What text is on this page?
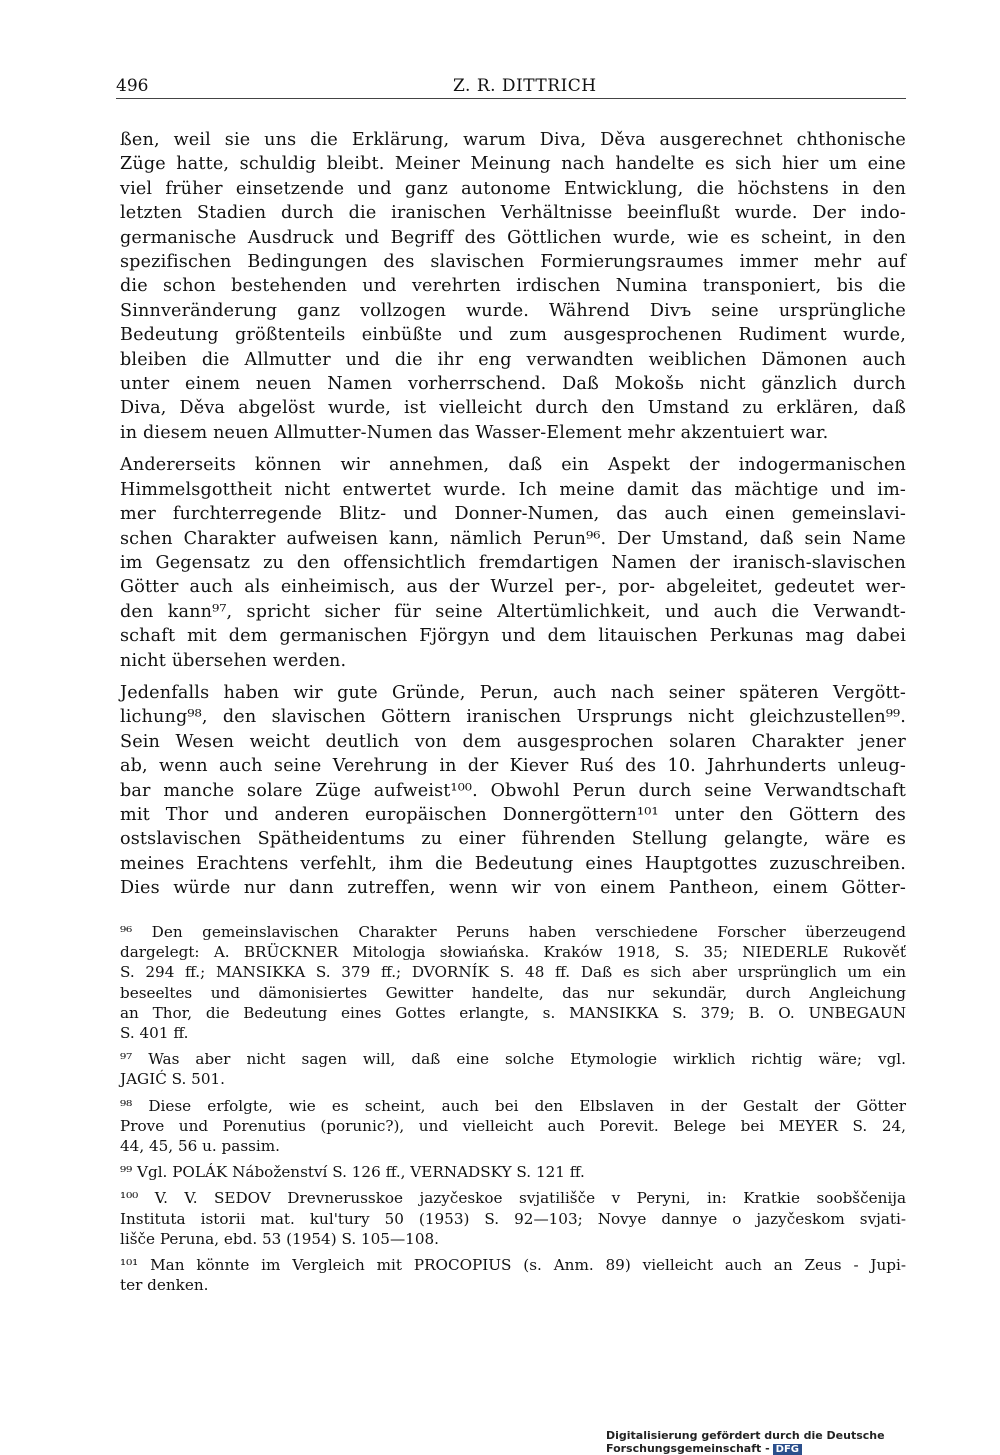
496	Z. R. DITTRICH

ßen, weil sie uns die Erklärung, warum Diva, Děva ausgerechnet chthonische
Züge hatte, schuldig bleibt. Meiner Meinung nach handelte es sich hier um eine
viel früher einsetzende und ganz autonome Entwicklung, die höchstens in den
letzten Stadien durch die iranischen Verhältnisse beeinflußt wurde. Der indo-
germanische Ausdruck und Begriff des Göttlichen wurde, wie es scheint, in den
spezifischen Bedingungen des slavischen Formierungsraumes immer mehr auf
die schon bestehenden und verehrten irdischen Numina transponiert, bis die
Sinnveränderung ganz vollzogen wurde. Während Divъ seine ursprüngliche
Bedeutung größtenteils einbüßte und zum ausgesprochenen Rudiment wurde,
bleiben die Allmutter und die ihr eng verwandten weiblichen Dämonen auch
unter einem neuen Namen vorherrschend. Daß Mokošь nicht gänzlich durch
Diva, Děva abgelöst wurde, ist vielleicht durch den Umstand zu erklären, daß
in diesem neuen Allmutter-Numen das Wasser-Element mehr akzentuiert war.

Andererseits können wir annehmen, daß ein Aspekt der indogermanischen
Himmelsgottheit nicht entwertet wurde. Ich meine damit das mächtige und im-
mer furchterregende Blitz- und Donner-Numen, das auch einen gemeinslavi-
schen Charakter aufweisen kann, nämlich Perun⁹⁶. Der Umstand, daß sein Name
im Gegensatz zu den offensichtlich fremdartigen Namen der iranisch-slavischen
Götter auch als einheimisch, aus der Wurzel per-, por- abgeleitet, gedeutet wer-
den kann⁹⁷, spricht sicher für seine Altertümlichkeit, und auch die Verwandt-
schaft mit dem germanischen Fjörgyn und dem litauischen Perkunas mag dabei
nicht übersehen werden.

Jedenfalls haben wir gute Gründe, Perun, auch nach seiner späteren Vergött-
lichung⁹⁸, den slavischen Göttern iranischen Ursprungs nicht gleichzustellen⁹⁹.
Sein Wesen weicht deutlich von dem ausgesprochen solaren Charakter jener
ab, wenn auch seine Verehrung in der Kiever Ruś des 10. Jahrhunderts unleug-
bar manche solare Züge aufweist¹⁰⁰. Obwohl Perun durch seine Verwandtschaft
mit Thor und anderen europäischen Donnergöttern¹⁰¹ unter den Göttern des
ostslavischen Spätheidentums zu einer führenden Stellung gelangte, wäre es
meines Erachtens verfehlt, ihm die Bedeutung eines Hauptgottes zuzuschreiben.
Dies würde nur dann zutreffen, wenn wir von einem Pantheon, einem Götter-

⁹⁶ Den gemeinslavischen Charakter Peruns haben verschiedene Forscher überzeugend
dargelegt: A. BRÜCKNER Mitologja słowiańska. Kraków 1918, S. 35; NIEDERLE Rukověť
S. 294 ff.; MANSIKKA S. 379 ff.; DVORNÍK S. 48 ff. Daß es sich aber ursprünglich um ein
beseeltes und dämonisiertes Gewitter handelte, das nur sekundär, durch Angleichung
an Thor, die Bedeutung eines Gottes erlangte, s. MANSIKKA S. 379; B. O. UNBEGAUN
S. 401 ff.
⁹⁷ Was aber nicht sagen will, daß eine solche Etymologie wirklich richtig wäre; vgl.
JAGIĆ S. 501.
⁹⁸ Diese erfolgte, wie es scheint, auch bei den Elbslaven in der Gestalt der Götter
Prove und Porenutius (porunic?), und vielleicht auch Porevit. Belege bei MEYER S. 24,
44, 45, 56 u. passim.
⁹⁹ Vgl. POLÁK Náboženství S. 126 ff., VERNADSKY S. 121 ff.
¹⁰⁰ V. V. SEDOV Drevnerusskoe jazyčeskoe svjatilišče v Peryni, in: Kratkie soobščenija
Instituta istorii mat. kul'tury 50 (1953) S. 92—103; Novye dannye o jazyčeskom svjati-
lišče Peruna, ebd. 53 (1954) S. 105—108.
¹⁰¹ Man könnte im Vergleich mit PROCOPIUS (s. Anm. 89) vielleicht auch an Zeus - Jupi-
ter denken.
Digitalisierung gefördert durch die Deutsche Forschungsgemeinschaft - DFG
